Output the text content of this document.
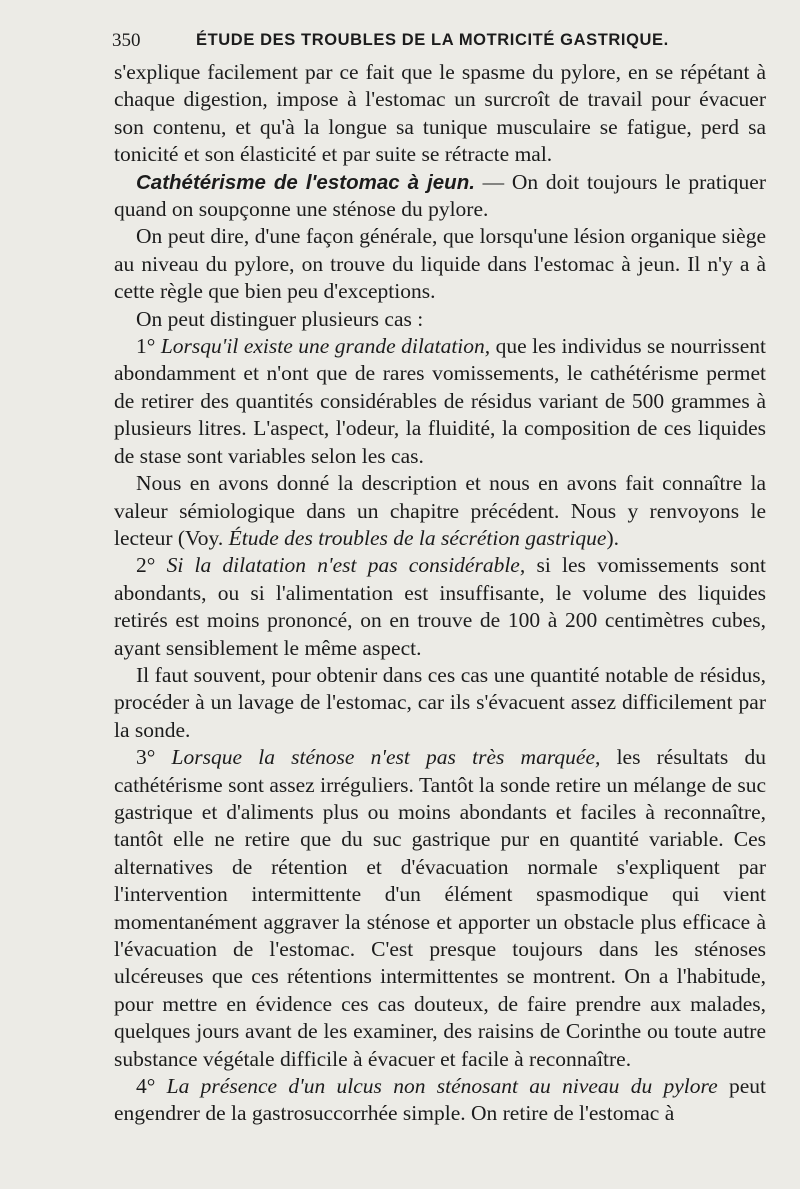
350	ÉTUDE DES TROUBLES DE LA MOTRICITÉ GASTRIQUE.

s'explique facilement par ce fait que le spasme du pylore, en se répétant à chaque digestion, impose à l'estomac un surcroît de travail pour évacuer son contenu, et qu'à la longue sa tunique musculaire se fatigue, perd sa tonicité et son élasticité et par suite se rétracte mal.

Cathétérisme de l'estomac à jeun. — On doit toujours le pratiquer quand on soupçonne une sténose du pylore.

On peut dire, d'une façon générale, que lorsqu'une lésion organique siège au niveau du pylore, on trouve du liquide dans l'estomac à jeun. Il n'y a à cette règle que bien peu d'exceptions.

On peut distinguer plusieurs cas :

1° Lorsqu'il existe une grande dilatation, que les individus se nourrissent abondamment et n'ont que de rares vomissements, le cathétérisme permet de retirer des quantités considérables de résidus variant de 500 grammes à plusieurs litres. L'aspect, l'odeur, la fluidité, la composition de ces liquides de stase sont variables selon les cas.

Nous en avons donné la description et nous en avons fait connaître la valeur sémiologique dans un chapitre précédent. Nous y renvoyons le lecteur (Voy. Étude des troubles de la sécrétion gastrique).

2° Si la dilatation n'est pas considérable, si les vomissements sont abondants, ou si l'alimentation est insuffisante, le volume des liquides retirés est moins prononcé, on en trouve de 100 à 200 centimètres cubes, ayant sensiblement le même aspect.

Il faut souvent, pour obtenir dans ces cas une quantité notable de résidus, procéder à un lavage de l'estomac, car ils s'évacuent assez difficilement par la sonde.

3° Lorsque la sténose n'est pas très marquée, les résultats du cathétérisme sont assez irréguliers. Tantôt la sonde retire un mélange de suc gastrique et d'aliments plus ou moins abondants et faciles à reconnaître, tantôt elle ne retire que du suc gastrique pur en quantité variable. Ces alternatives de rétention et d'évacuation normale s'expliquent par l'intervention intermittente d'un élément spasmodique qui vient momentanément aggraver la sténose et apporter un obstacle plus efficace à l'évacuation de l'estomac. C'est presque toujours dans les sténoses ulcéreuses que ces rétentions intermittentes se montrent. On a l'habitude, pour mettre en évidence ces cas douteux, de faire prendre aux malades, quelques jours avant de les examiner, des raisins de Corinthe ou toute autre substance végétale difficile à évacuer et facile à reconnaître.

4° La présence d'un ulcus non sténosant au niveau du pylore peut engendrer de la gastrosuccorrhée simple. On retire de l'estomac à
